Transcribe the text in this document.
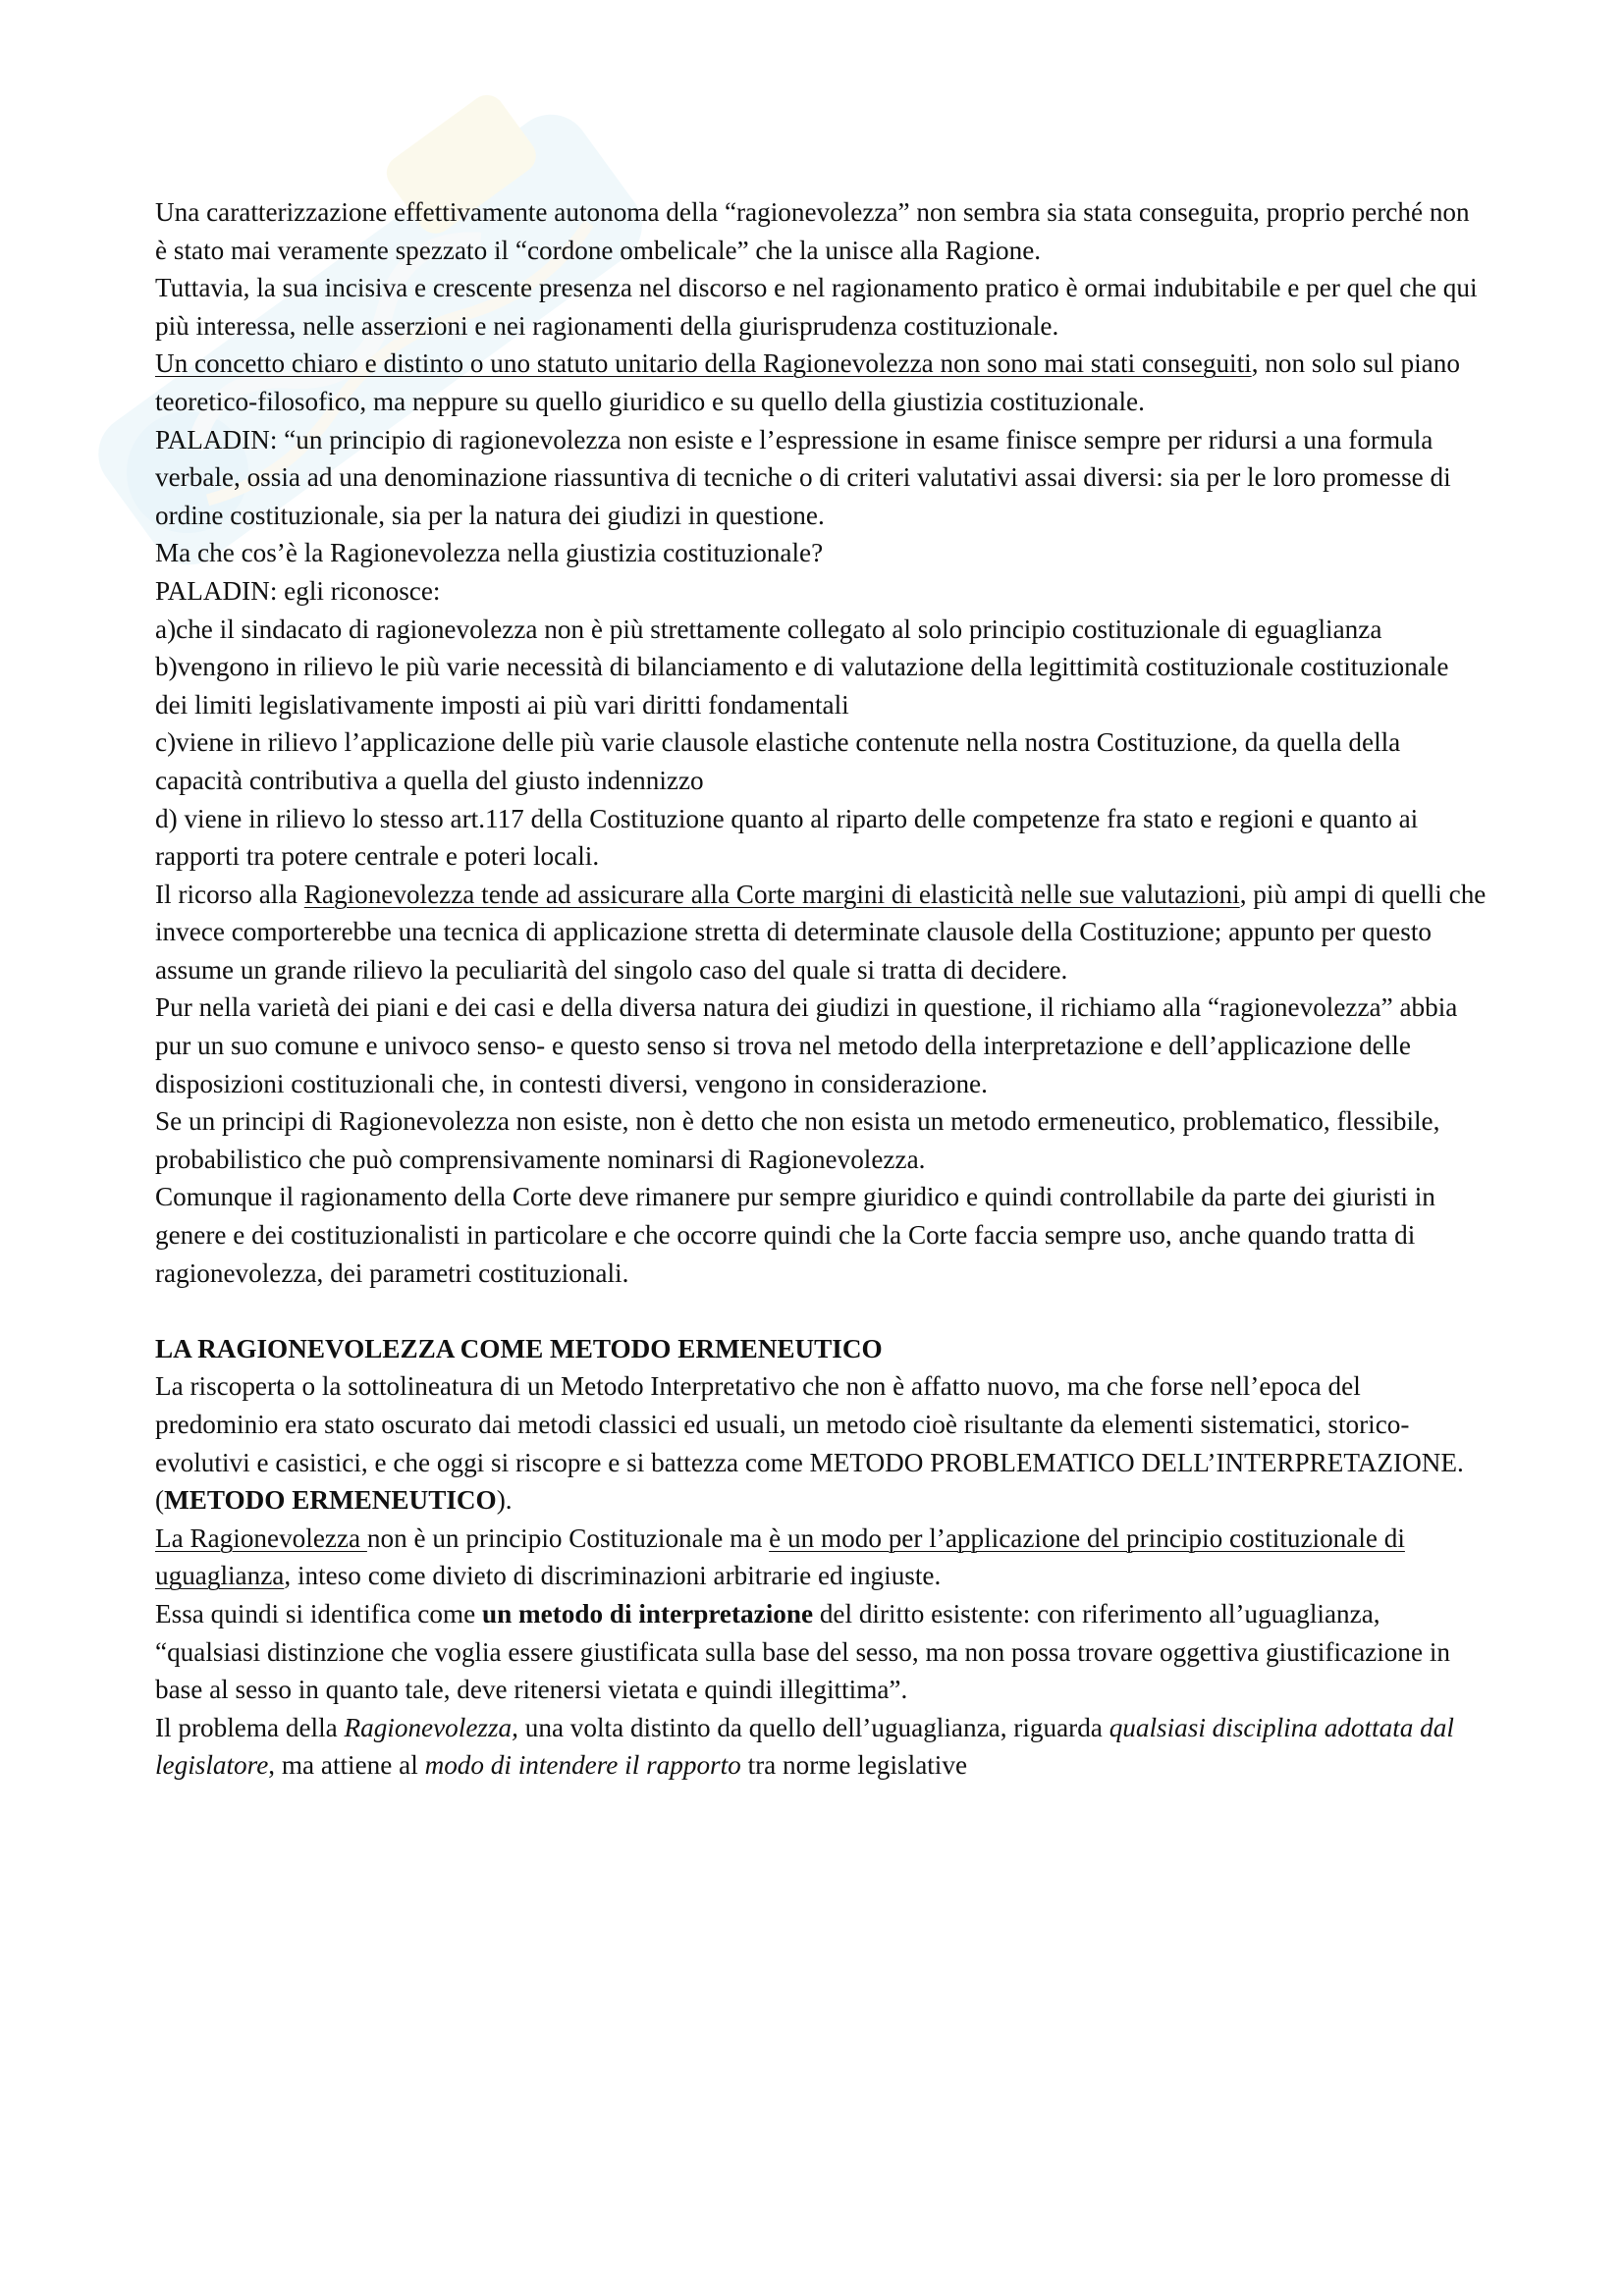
Una caratterizzazione effettivamente autonoma della “ragionevolezza” non sembra sia stata conseguita, proprio perché non è stato mai veramente spezzato il “cordone ombelicale” che la unisce alla Ragione.

Tuttavia, la sua incisiva e crescente presenza nel discorso e nel ragionamento pratico è ormai indubitabile e per quel che qui più interessa, nelle asserzioni e nei ragionamenti della giurisprudenza costituzionale.

Un concetto chiaro e distinto o uno statuto unitario della Ragionevolezza non sono mai stati conseguiti, non solo sul piano teoretico-filosofico, ma neppure su quello giuridico e su quello della giustizia costituzionale.

PALADIN: “un principio di ragionevolezza non esiste e l’espressione in esame finisce sempre per ridursi a una formula verbale, ossia ad una denominazione riassuntiva di tecniche o di criteri valutativi assai diversi: sia per le loro promesse di ordine costituzionale, sia per la natura dei giudizi in questione.

Ma che cos’è la Ragionevolezza nella giustizia costituzionale?

PALADIN: egli riconosce:

a)che il sindacato di ragionevolezza non è più strettamente collegato al solo principio costituzionale di eguaglianza

b)vengono in rilievo le più varie necessità di bilanciamento e di valutazione della legittimità costituzionale costituzionale dei limiti legislativamente imposti ai più vari diritti fondamentali

c)viene in rilievo l’applicazione delle più varie clausole elastiche contenute nella nostra Costituzione, da quella della capacità contributiva a quella del giusto indennizzo

d) viene in rilievo lo stesso art.117 della Costituzione quanto al riparto delle competenze fra stato e regioni e quanto ai rapporti tra potere centrale e poteri locali.

Il ricorso alla Ragionevolezza tende ad assicurare alla Corte margini di elasticità nelle sue valutazioni, più ampi di quelli che invece comporterebbe una tecnica di applicazione stretta di determinate clausole della Costituzione; appunto per questo assume un grande rilievo la peculiarità del singolo caso del quale si tratta di decidere.

Pur nella varietà dei piani e dei casi e della diversa natura dei giudizi in questione, il richiamo alla “ragionevolezza” abbia pur un suo comune e univoco senso- e questo senso si trova nel metodo della interpretazione e dell’applicazione delle disposizioni costituzionali che, in contesti diversi, vengono in considerazione.

Se un principi di Ragionevolezza non esiste, non è detto che non esista un metodo ermeneutico, problematico, flessibile, probabilistico che può comprensivamente nominarsi di Ragionevolezza.

Comunque il ragionamento della Corte deve rimanere pur sempre giuridico e quindi controllabile da parte dei giuristi in genere e dei costituzionalisti in particolare e che occorre quindi che la Corte faccia sempre uso, anche quando tratta di ragionevolezza, dei parametri costituzionali.

LA RAGIONEVOLEZZA COME METODO ERMENEUTICO

La riscoperta o la sottolineatura di un Metodo Interpretativo che non è affatto nuovo, ma che forse nell’epoca del predominio era stato oscurato dai metodi classici ed usuali, un metodo cioè risultante da elementi sistematici, storico-evolutivi e casistici, e che oggi si riscopre e si battezza come METODO PROBLEMATICO DELL’INTERPRETAZIONE. (METODO ERMENEUTICO).

La Ragionevolezza non è un principio Costituzionale ma è un modo per l’applicazione del principio costituzionale di uguaglianza, inteso come divieto di discriminazioni arbitrarie ed ingiuste.

Essa quindi si identifica come un metodo di interpretazione del diritto esistente: con riferimento all’uguaglianza, “qualsiasi distinzione che voglia essere giustificata sulla base del sesso, ma non possa trovare oggettiva giustificazione in base al sesso in quanto tale, deve ritenersi vietata e quindi illegittima”.

Il problema della Ragionevolezza, una volta distinto da quello dell’uguaglianza, riguarda qualsiasi disciplina adottata dal legislatore, ma attiene al modo di intendere il rapporto tra norme legislative
